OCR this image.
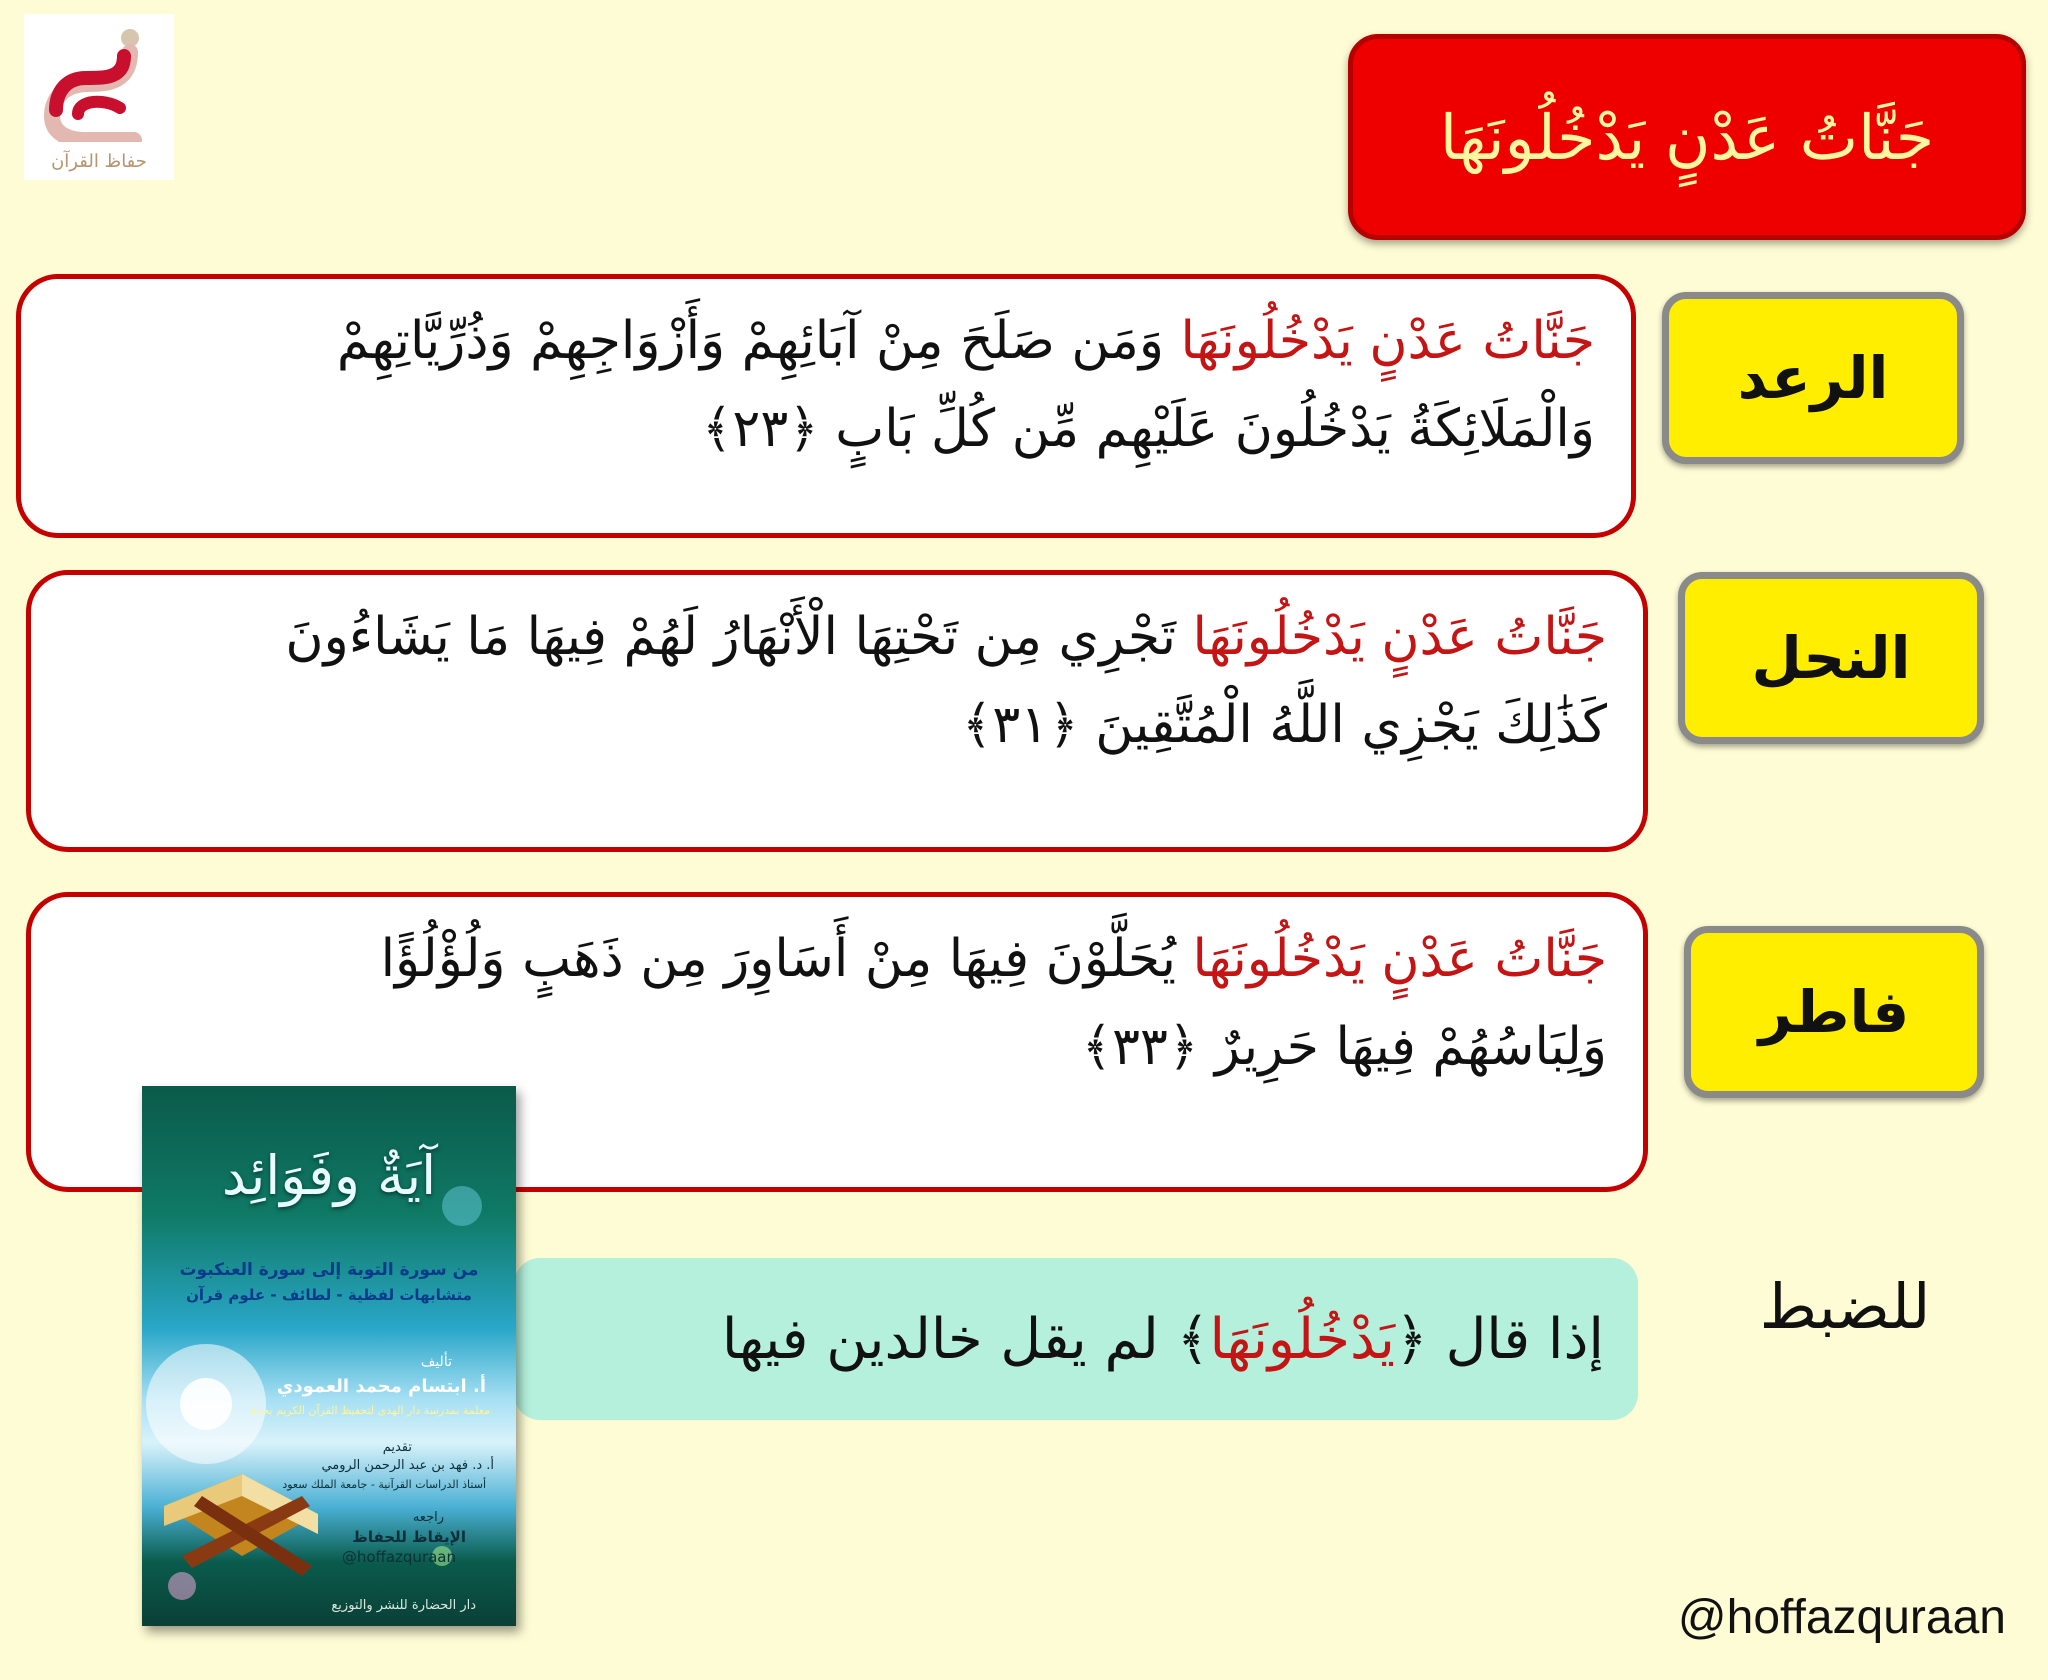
حفاظ القرآن	جَنَّاتُ عَدْنٍ يَدْخُلُونَهَا
جَنَّاتُ عَدْنٍ يَدْخُلُونَهَا وَمَن صَلَحَ مِنْ آبَائِهِمْ وَأَزْوَاجِهِمْ وَذُرِّيَّاتِهِمْ
وَالْمَلَائِكَةُ يَدْخُلُونَ عَلَيْهِم مِّن كُلِّ بَابٍ ﴿٢٣﴾
الرعد
جَنَّاتُ عَدْنٍ يَدْخُلُونَهَا تَجْرِي مِن تَحْتِهَا الْأَنْهَارُ لَهُمْ فِيهَا مَا يَشَاءُونَ
كَذَٰلِكَ يَجْزِي اللَّهُ الْمُتَّقِينَ ﴿٣١﴾
النحل
جَنَّاتُ عَدْنٍ يَدْخُلُونَهَا يُحَلَّوْنَ فِيهَا مِنْ أَسَاوِرَ مِن ذَهَبٍ وَلُؤْلُؤًا
وَلِبَاسُهُمْ فِيهَا حَرِيرٌ ﴿٣٣﴾
فاطر
للضبط
إذا قال ﴿
يَدْخُلُونَهَا
﴾ لم يقل خالدين فيها
آيَةٌ وفَوَائِد
من سورة التوبة إلى سورة العنكبوت
متشابهات لفظية - لطائف - علوم قرآن
تأليف
أ. ابتسام محمد العمودي
معلمة بمدرسة دار الهدى لتحفيظ القرآن الكريم بجدة
تقديم
أ. د. فهد بن عبد الرحمن الرومي
أستاذ الدراسات القرآنية - جامعة الملك سعود
راجعه
الإيقاظ للحفاظ
@hoffazquraan
دار الحضارة للنشر والتوزيع	@hoffazquraan
